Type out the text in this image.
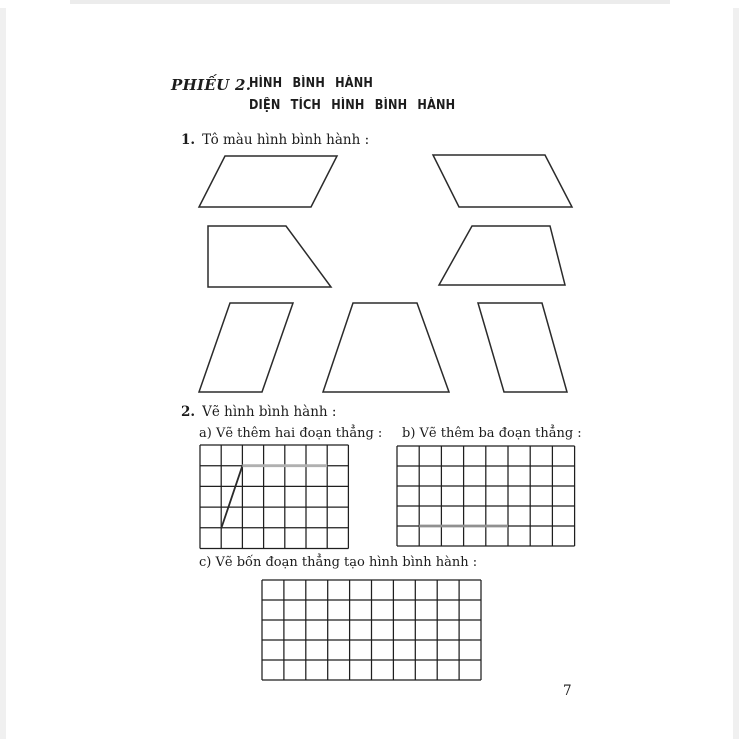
PHIẾU 2.
HÌNH BÌNH HÀNH
DIỆN TÍCH HÌNH BÌNH HÀNH
1. Tô màu hình bình hành :
2. Vẽ hình bình hành :
a) Vẽ thêm hai đoạn thẳng : b) Vẽ thêm ba đoạn thẳng :
c) Vẽ bốn đoạn thẳng tạo hình bình hành :
7
